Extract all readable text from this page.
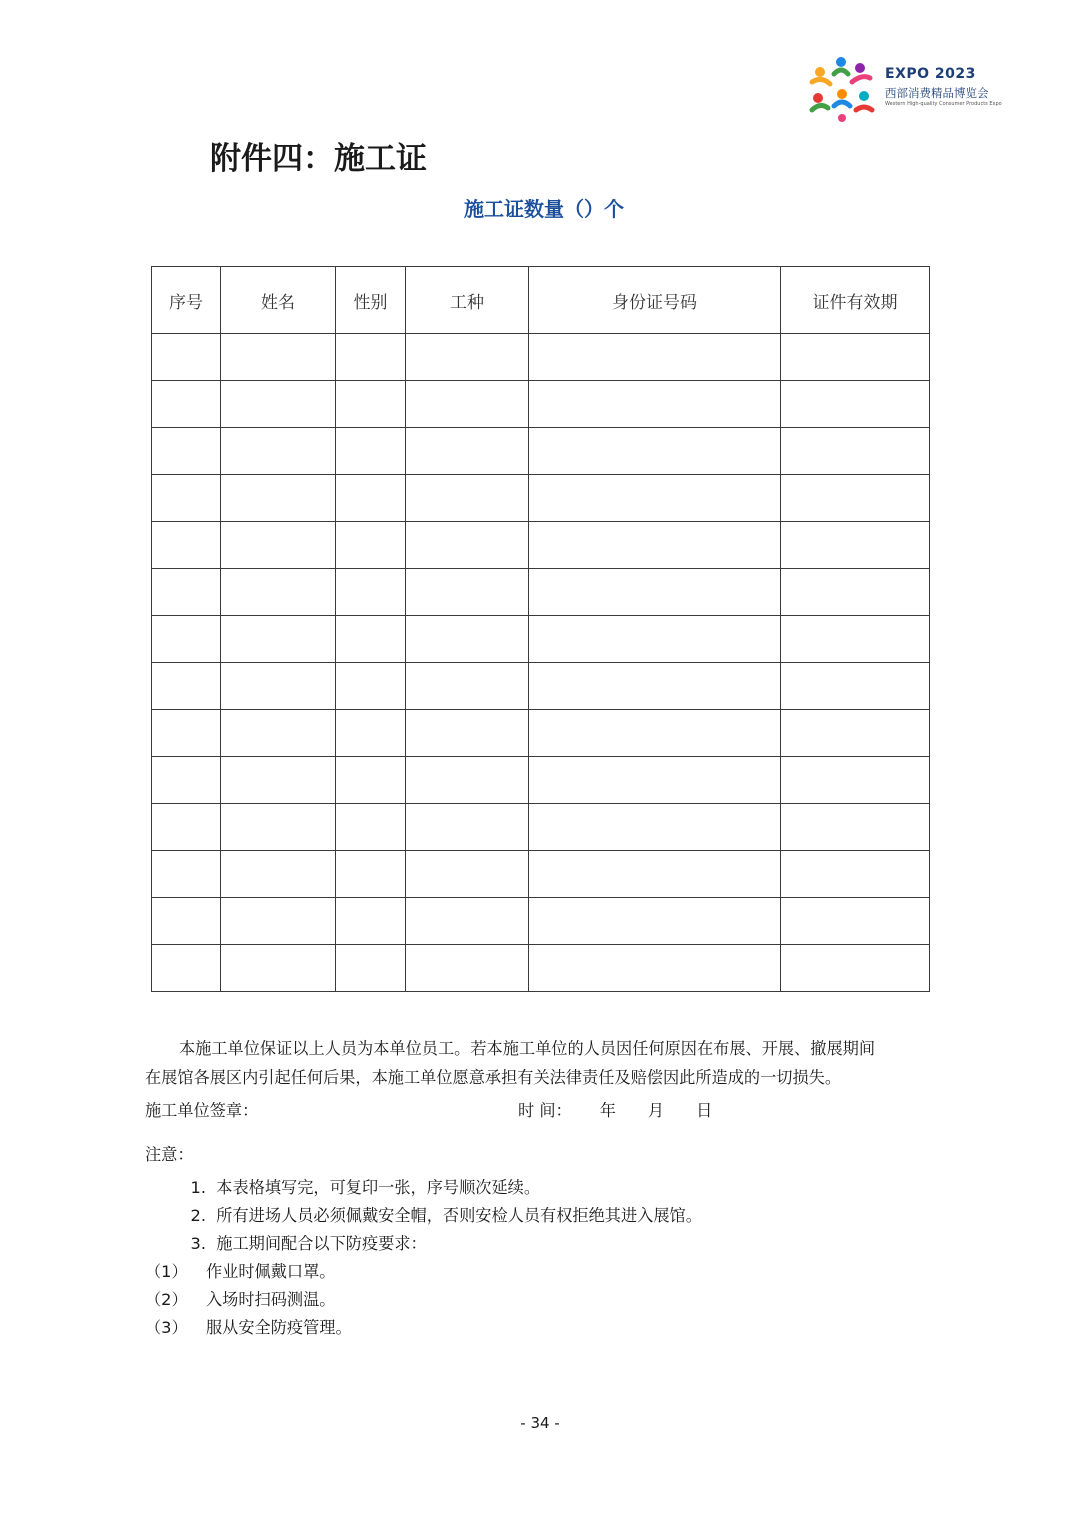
EXPO 2023
西部消费精品博览会
Western High-quality Consumer Products Expo
附件四：施工证
施工证数量（）个
序号	姓名	性别	工种	身份证号码	证件有效期

本施工单位保证以上人员为本单位员工。若本施工单位的人员因任何原因在布展、开展、撤展期间
在展馆各展区内引起任何后果，本施工单位愿意承担有关法律责任及赔偿因此所造成的一切损失。
施工单位签章：	时 间： 年 月 日
注意：
1. 本表格填写完，可复印一张，序号顺次延续。
2. 所有进场人员必须佩戴安全帽，否则安检人员有权拒绝其进入展馆。
3. 施工期间配合以下防疫要求：
（1） 作业时佩戴口罩。
（2） 入场时扫码测温。
（3） 服从安全防疫管理。
- 34 -
